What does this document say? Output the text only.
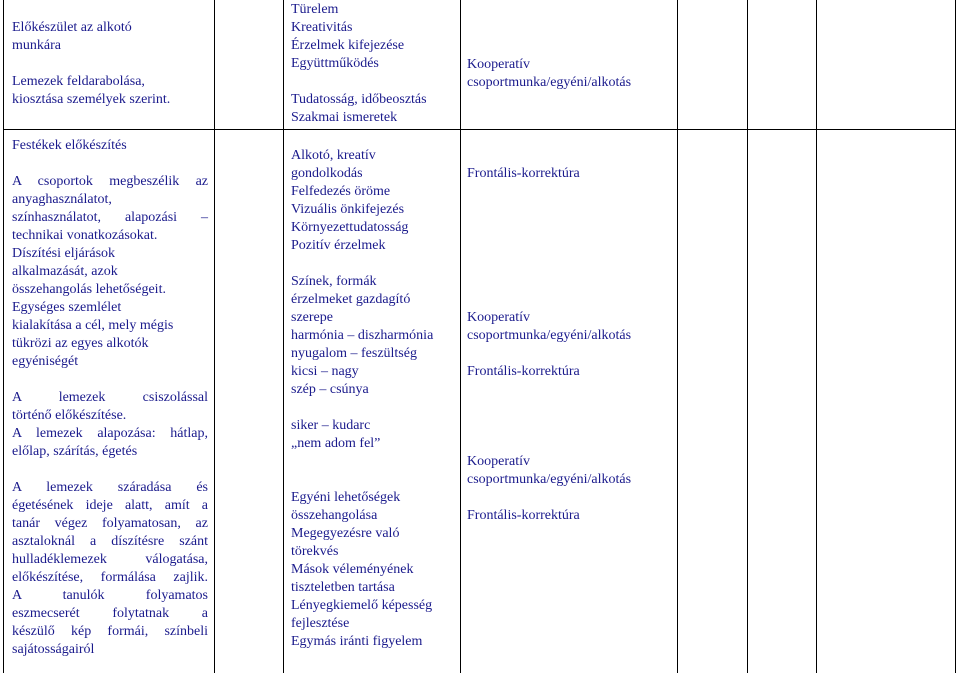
Előkészület az alkotó

munkára

Lemezek feldarabolása,

kiosztása személyek szerint.

Festékek előkészítés

A csoportok megbeszélik az

anyaghasználatot,

színhasználatot, alapozási –

technikai vonatkozásokat.

Díszítési eljárások

alkalmazását, azok

összehangolás lehetőségeit.

Egységes szemlélet

kialakítása a cél, mely mégis

tükrözi az egyes alkotók

egyéniségét

A lemezek csiszolással

történő előkészítése.

A lemezek alapozása: hátlap,

előlap, szárítás, égetés

A lemezek száradása és

égetésének ideje alatt, amít a

tanár végez folyamatosan, az

asztaloknál a díszítésre szánt

hulladéklemezek válogatása,

előkészítése, formálása zajlik.

A tanulók folyamatos

eszmecserét folytatnak a

készülő kép formái, színbeli

sajátosságairól

Türelem

Kreativitás

Érzelmek kifejezése

Együttműködés

Tudatosság, időbeosztás

Szakmai ismeretek

Alkotó, kreatív

gondolkodás

Felfedezés öröme

Vizuális önkifejezés

Környezettudatosság

Pozitív érzelmek

Színek, formák

érzelmeket gazdagító

szerepe

harmónia – diszharmónia

nyugalom – feszültség

kicsi – nagy

szép – csúnya

siker – kudarc

„nem adom fel”

Egyéni lehetőségek

összehangolása

Megegyezésre való

törekvés

Mások véleményének

tiszteletben tartása

Lényegkiemelő képesség

fejlesztése

Egymás iránti figyelem

Kooperatív

csoportmunka/egyéni/alkotás

Frontális-korrektúra

Kooperatív

csoportmunka/egyéni/alkotás

Frontális-korrektúra

Kooperatív

csoportmunka/egyéni/alkotás

Frontális-korrektúra
